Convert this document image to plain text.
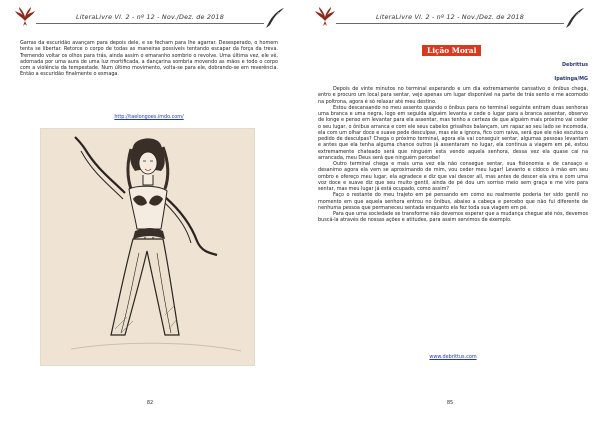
LiteraLivre Vl. 2 - nº 12 - Nov./Dez. de 2018
Garras da escuridão avançam para depois dele, e se fecham para lhe agarrar. Desesperado, o homem tenta se libertar. Retorce o corpo de todas as maneiras possíveis tentando escapar da força da treva. Tremendo voltar os olhos para trás, ainda assim o emaranho sombrio o revolve. Uma última vez, ele vê, adornada por uma aura de uma luz mortificada, a dançarina sombria movendo as mãos e todo o corpo com a violência da tempestade. Num último movimento, volta-se para ele, dobrando-se em reverência. Então a escuridão finalmente o esmaga.
http://taelongoes.imdo.com/
82
LiteraLivre Vl. 2 - nº 12 - Nov./Dez. de 2018
Lição Moral
Debrittus
Ipatinga/MG

Depois de vinte minutos no terminal esperando e um dia extremamente cansativo o ônibus chega, entro e procuro um local para sentar, vejo apenas um lugar disponível na parte de trás sento e me acomodo na poltrona, agora é só relaxar até meu destino.

Estou descansando no meu assento quando o ônibus para no terminal seguinte entram duas senhoras uma branca e uma negra, logo em seguida alguém levanta e cede o lugar para a branca assentar, observo de longe e penso em levantar para ela assentar, mas tenho a certeza de que alguém mais próximo vai ceder o seu lugar, o ônibus arranca e com ele seus cabelos grisalhos balançam, um rapaz ao seu lado se incomoda, ela com um olhar doce e suave pede desculpas, mas ele a ignora, fico com raiva, será que ele não escutou o pedido de desculpas? Chega o próximo terminal, agora ela vai conseguir sentar, algumas pessoas levantam e antes que ela tenha alguma chance outros já assentaram no lugar, ela continua a viagem em pé, estou extremamente chateado será que ninguém esta vendo aquela senhora, dessa vez ela quase cai na arrancada, meu Deus será que ninguém percebe!

Outro terminal chega e mais uma vez ela não consegue sentar, sua fisionomia e de cansaço e desanimo agora ela vem se aproximando de mim, vou ceder meu lugar! Levanto e cidoco à mão em seu ombro e ofereço meu lugar, ela agradece e diz que vai descer all, mas antes de descer ela vira e com uma voz doce e suave diz que seu muito gentil, ainda de pé dou um sorriso meio sem graça e me viro para sentar, mas meu lugar já está ocupado, como assim?

Faço o restante do meu trajeto em pé pensando em como eu realmente poderia ter sido gentil no momento em que aquela senhora entrou no ônibus, abaixo a cabeça e percebo que não fui diferente de nenhuma pessoa que permaneceu sentada enquanto ela fez toda sua viagem em pé.

Para que uma sociedade se transforme não devemos esperar que a mudança chegue até nós, devemos buscá-la através de nossas ações e atitudes, para assim servimos de exemplo.

www.debrittus.com
85
